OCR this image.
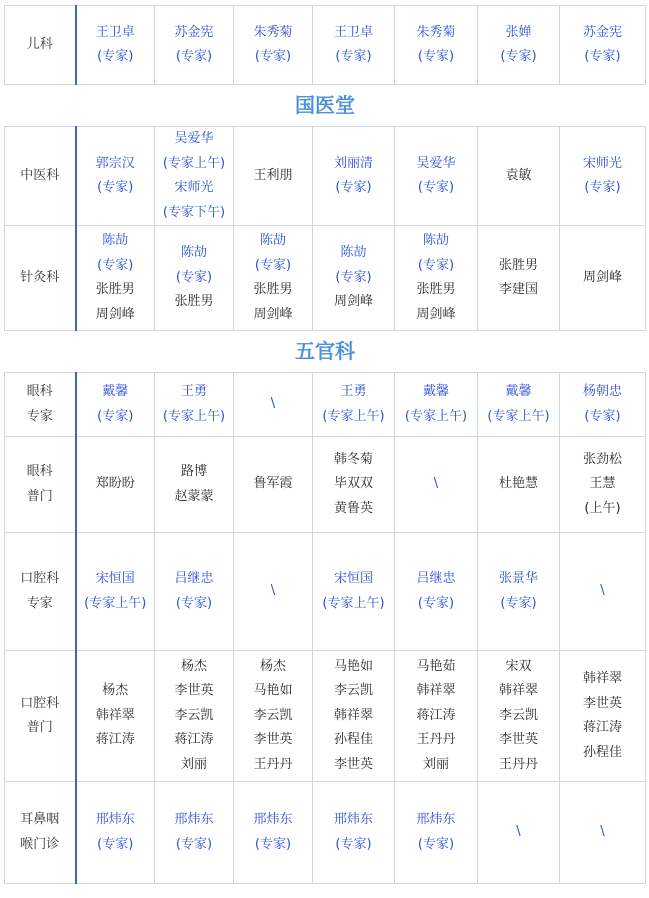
儿科	王卫卓
(专家)	苏金宪
(专家)	朱秀菊
(专家)	王卫卓
(专家)	朱秀菊
(专家)	张婵
(专家)	苏金宪
(专家)

国医堂							

中医科	郭宗汉
(专家)	吴爱华
(专家上午)
宋师光
(专家下午)	王利朋	刘丽清
(专家)	吴爱华
(专家)	袁敏	宋师光
(专家)

针灸科	陈劼
(专家)
张胜男
周剑峰	陈劼
(专家)
张胜男	陈劼
(专家)
张胜男
周剑峰	陈劼
(专家)
周剑峰	陈劼
(专家)
张胜男
周剑峰	张胜男
李建国	周剑峰

五官科							

眼科
专家	戴馨
(专家)	王勇
(专家上午)	\	王勇
(专家上午)	戴馨
(专家上午)	戴馨
(专家上午)	杨朝忠
(专家)

眼科
普门	郑盼盼	路博
赵蒙蒙	鲁军霞	韩冬菊
毕双双
黄鲁英	\	杜艳慧	张劲松
王慧
(上午)

口腔科
专家	宋恒国
(专家上午)	吕继忠
(专家)	\	宋恒国
(专家上午)	吕继忠
(专家)	张景华
(专家)	\

口腔科
普门	杨杰
韩祥翠
蒋江涛	杨杰
李世英
李云凯
蒋江涛
刘丽	杨杰
马艳如
李云凯
李世英
王丹丹	马艳如
李云凯
韩祥翠
孙程佳
李世英	马艳茹
韩祥翠
蒋江涛
王丹丹
刘丽	宋双
韩祥翠
李云凯
李世英
王丹丹	韩祥翠
李世英
蒋江涛
孙程佳

耳鼻咽
喉门诊	邢炜东
(专家)	邢炜东
(专家)	邢炜东
(专家)	邢炜东
(专家)	邢炜东
(专家)	\	\
